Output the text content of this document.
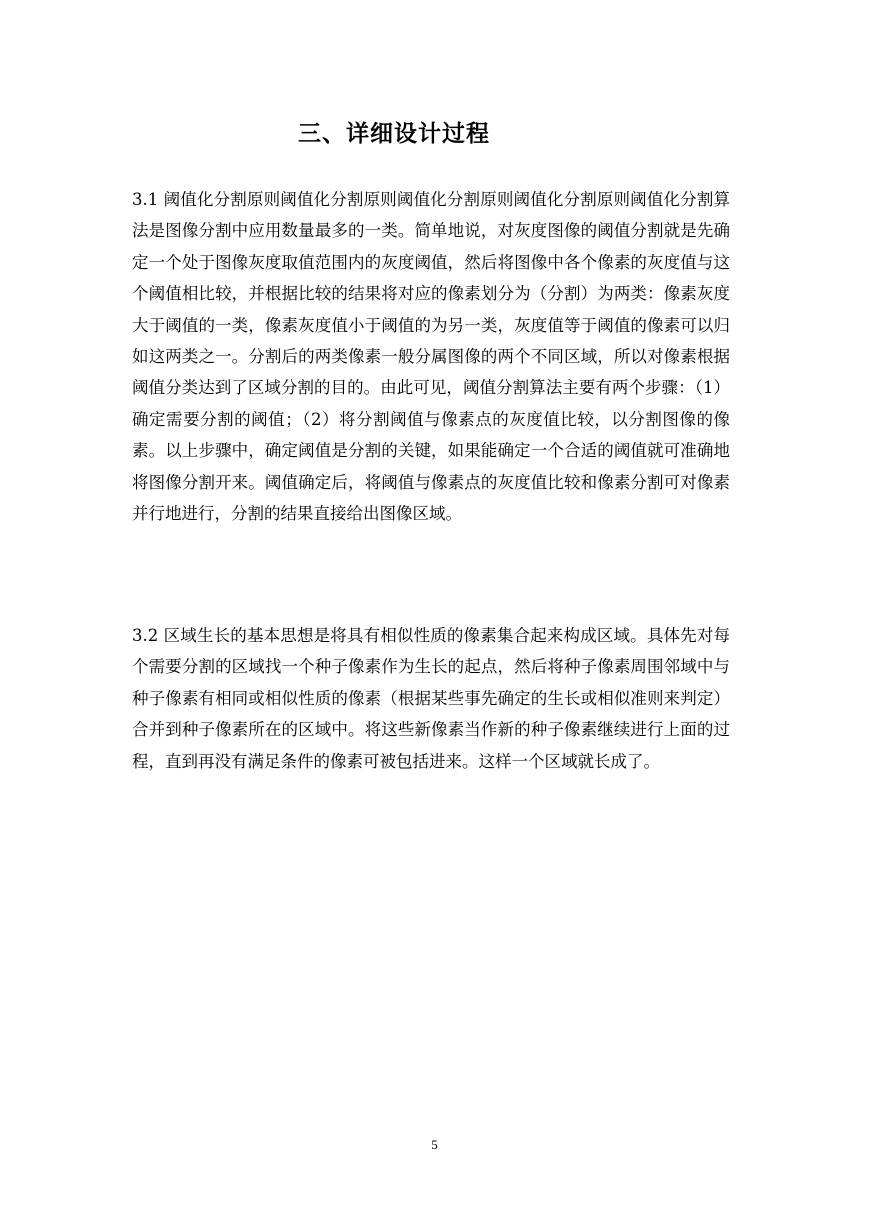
三、详细设计过程

3.1 阈值化分割原则阈值化分割原则阈值化分割原则阈值化分割原则阈值化分割算法是图像分割中应用数量最多的一类。简单地说，对灰度图像的阈值分割就是先确定一个处于图像灰度取值范围内的灰度阈值，然后将图像中各个像素的灰度值与这个阈值相比较，并根据比较的结果将对应的像素划分为（分割）为两类：像素灰度大于阈值的一类，像素灰度值小于阈值的为另一类，灰度值等于阈值的像素可以归如这两类之一。分割后的两类像素一般分属图像的两个不同区域，所以对像素根据阈值分类达到了区域分割的目的。由此可见，阈值分割算法主要有两个步骤：（1）确定需要分割的阈值；（2）将分割阈值与像素点的灰度值比较，以分割图像的像素。以上步骤中，确定阈值是分割的关键，如果能确定一个合适的阈值就可准确地将图像分割开来。阈值确定后，将阈值与像素点的灰度值比较和像素分割可对像素并行地进行，分割的结果直接给出图像区域。

3.2 区域生长的基本思想是将具有相似性质的像素集合起来构成区域。具体先对每个需要分割的区域找一个种子像素作为生长的起点，然后将种子像素周围邻域中与种子像素有相同或相似性质的像素（根据某些事先确定的生长或相似准则来判定）合并到种子像素所在的区域中。将这些新像素当作新的种子像素继续进行上面的过程，直到再没有满足条件的像素可被包括进来。这样一个区域就长成了。

5
